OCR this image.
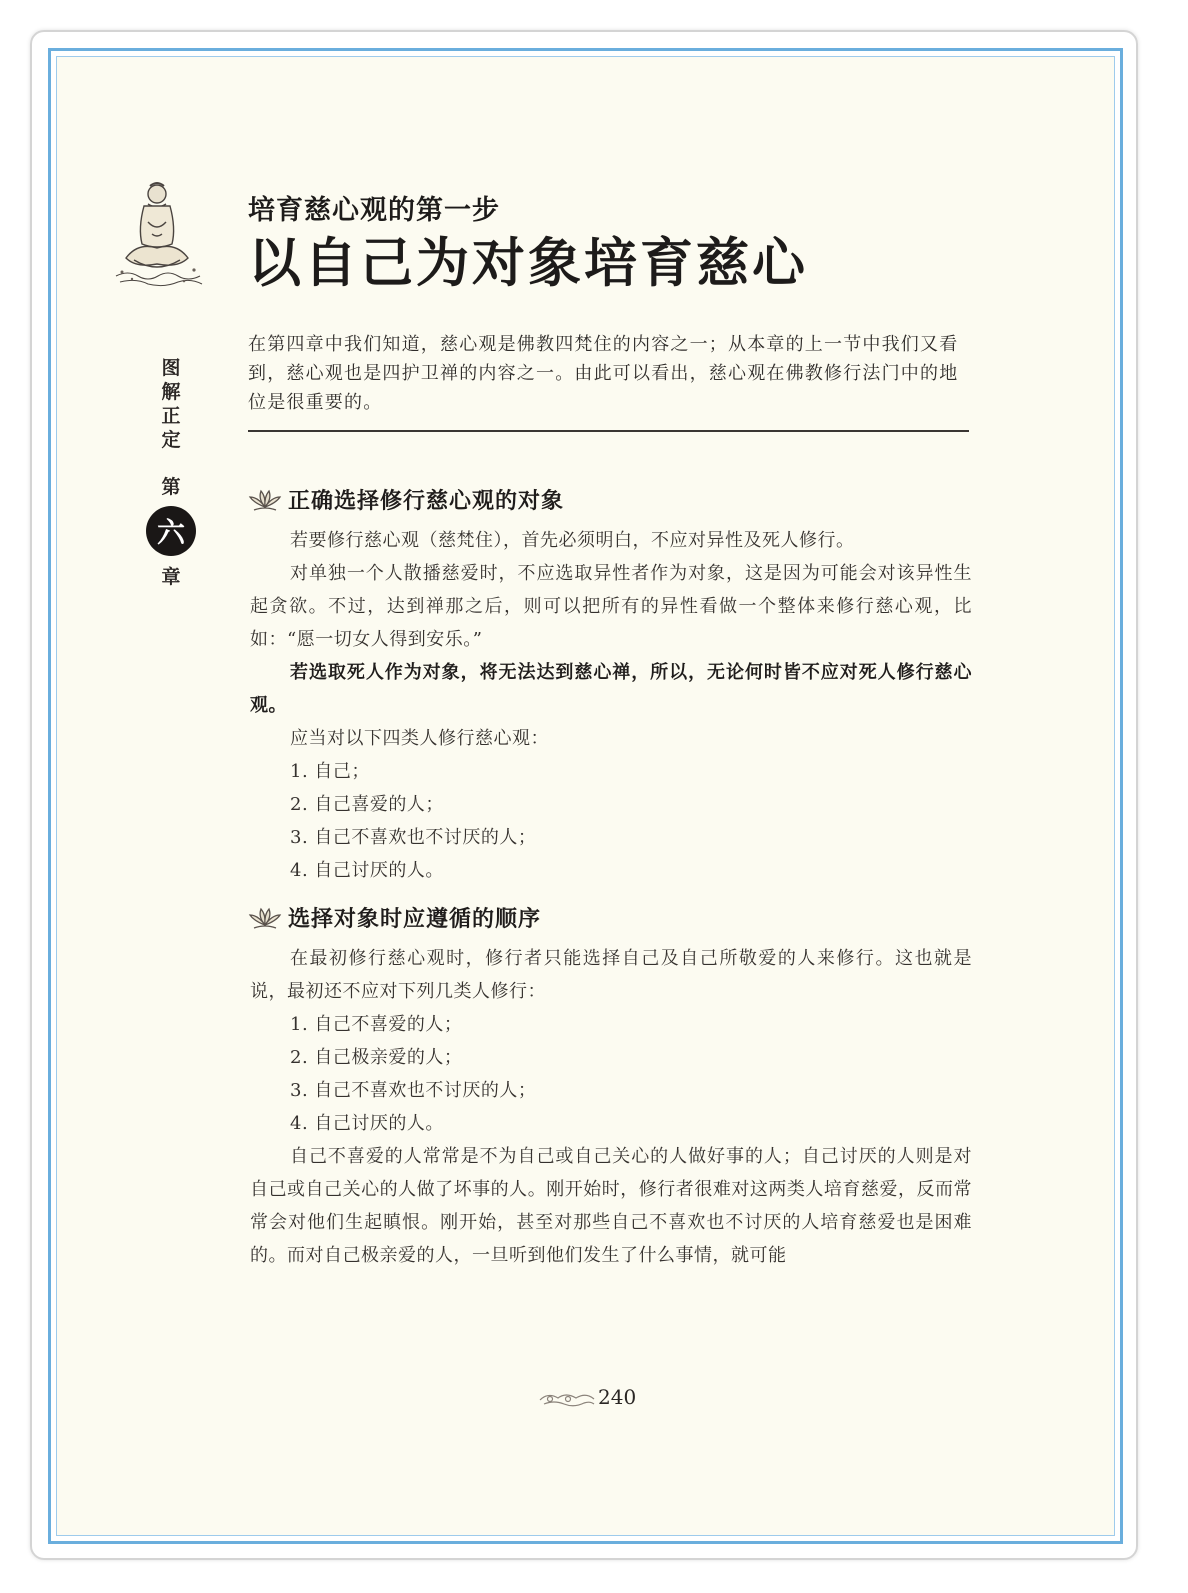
培育慈心观的第一步
以自己为对象培育慈心
在第四章中我们知道，慈心观是佛教四梵住的内容之一；从本章的上一节中我们又看到，慈心观也是四护卫禅的内容之一。由此可以看出，慈心观在佛教修行法门中的地位是很重要的。
图解正定
第
六
章
正确选择修行慈心观的对象

若要修行慈心观（慈梵住），首先必须明白，不应对异性及死人修行。

对单独一个人散播慈爱时，不应选取异性者作为对象，这是因为可能会对该异性生起贪欲。不过，达到禅那之后，则可以把所有的异性看做一个整体来修行慈心观，比如：“愿一切女人得到安乐。”

若选取死人作为对象，将无法达到慈心禅，所以，无论何时皆不应对死人修行慈心观。

应当对以下四类人修行慈心观：

1. 自己；

2. 自己喜爱的人；

3. 自己不喜欢也不讨厌的人；

4. 自己讨厌的人。

选择对象时应遵循的顺序

在最初修行慈心观时，修行者只能选择自己及自己所敬爱的人来修行。这也就是说，最初还不应对下列几类人修行：

1. 自己不喜爱的人；

2. 自己极亲爱的人；

3. 自己不喜欢也不讨厌的人；

4. 自己讨厌的人。

自己不喜爱的人常常是不为自己或自己关心的人做好事的人；自己讨厌的人则是对自己或自己关心的人做了坏事的人。刚开始时，修行者很难对这两类人培育慈爱，反而常常会对他们生起瞋恨。刚开始，甚至对那些自己不喜欢也不讨厌的人培育慈爱也是困难的。而对自己极亲爱的人，一旦听到他们发生了什么事情，就可能

240
